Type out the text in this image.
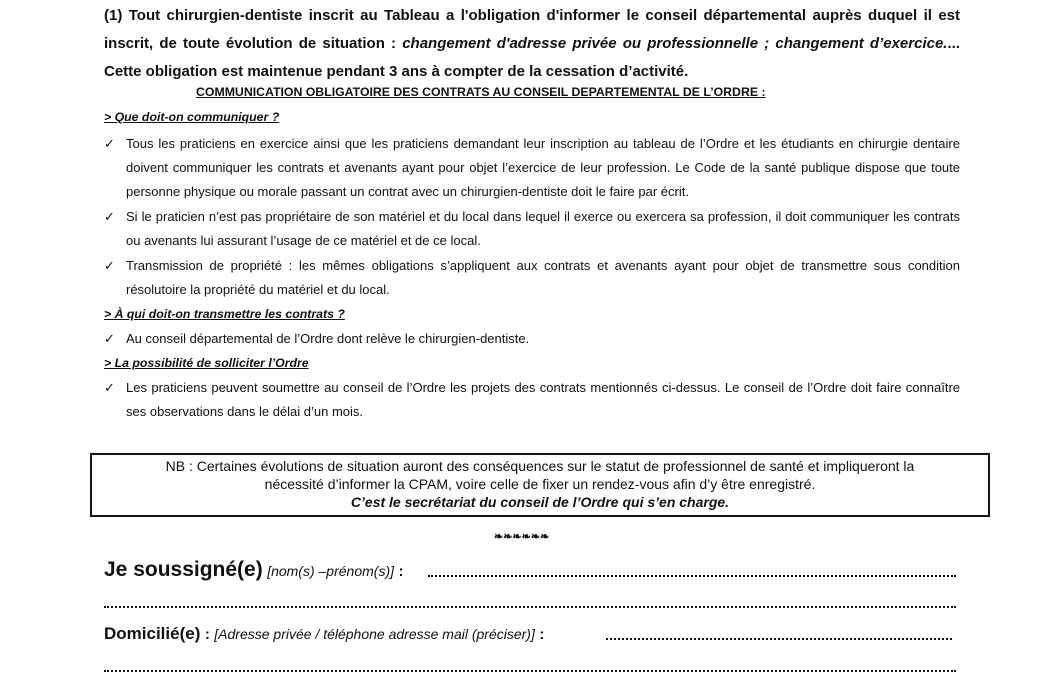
(1) Tout chirurgien-dentiste inscrit au Tableau a l'obligation d'informer le conseil départemental auprès duquel il est inscrit, de toute évolution de situation : changement d'adresse privée ou professionnelle ; changement d’exercice.... Cette obligation est maintenue pendant 3 ans à compter de la cessation d’activité.
COMMUNICATION OBLIGATOIRE DES CONTRATS AU CONSEIL DEPARTEMENTAL DE L’ORDRE :
> Que doit-on communiquer ?
✓ Tous les praticiens en exercice ainsi que les praticiens demandant leur inscription au tableau de l’Ordre et les étudiants en chirurgie dentaire doivent communiquer les contrats et avenants ayant pour objet l’exercice de leur profession. Le Code de la santé publique dispose que toute personne physique ou morale passant un contrat avec un chirurgien-dentiste doit le faire par écrit.
✓ Si le praticien n’est pas propriétaire de son matériel et du local dans lequel il exerce ou exercera sa profession, il doit communiquer les contrats ou avenants lui assurant l’usage de ce matériel et de ce local.
✓ Transmission de propriété : les mêmes obligations s’appliquent aux contrats et avenants ayant pour objet de transmettre sous condition résolutoire la propriété du matériel et du local.
> À qui doit-on transmettre les contrats ?
✓ Au conseil départemental de l’Ordre dont relève le chirurgien-dentiste.
> La possibilité de solliciter l’Ordre
✓ Les praticiens peuvent soumettre au conseil de l’Ordre les projets des contrats mentionnés ci-dessus. Le conseil de l’Ordre doit faire connaître ses observations dans le délai d’un mois.
NB : Certaines évolutions de situation auront des conséquences sur le statut de professionnel de santé et impliqueront la
nécessité d’informer la CPAM, voire celle de fixer un rendez-vous afin d’y être enregistré.
C’est le secrétariat du conseil de l’Ordre qui s’en charge.
❧❧❧❧❧❧
Je soussigné(e) [nom(s) –prénom(s)] :
Domicilié(e) : [Adresse privée / téléphone adresse mail (préciser)] :
